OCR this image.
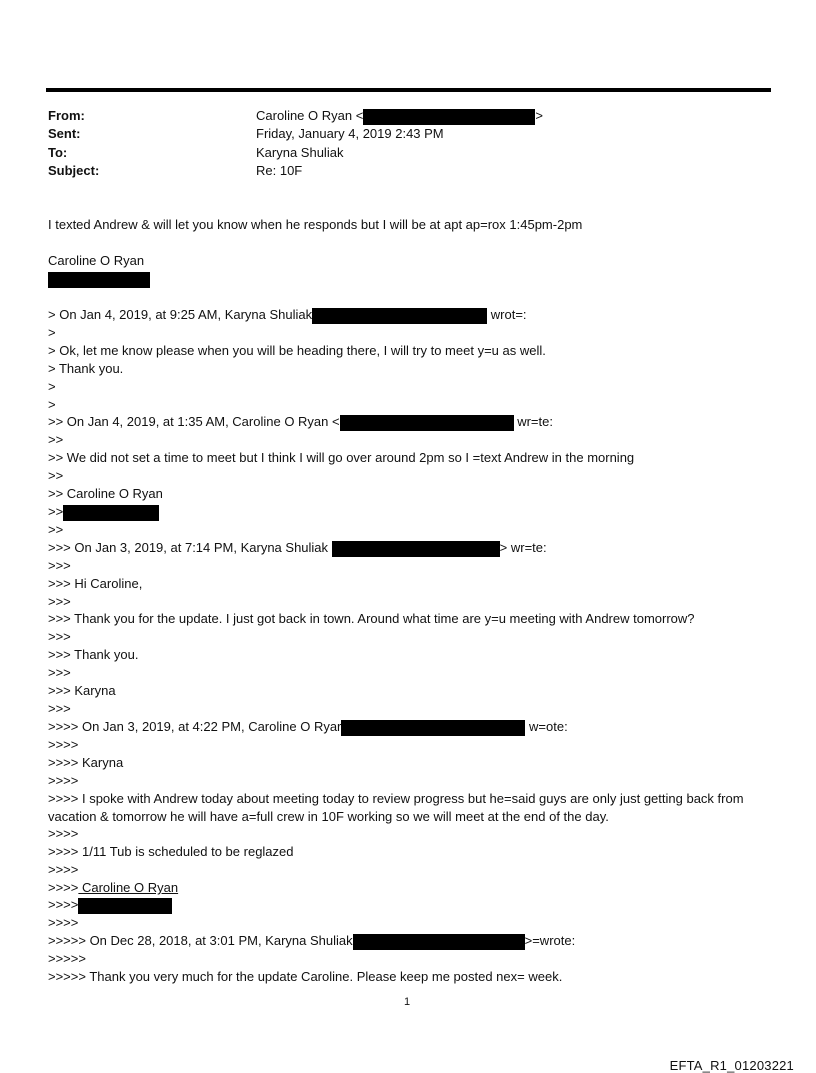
From:	Caroline O Ryan <	>
Sent:	Friday, January 4, 2019 2:43 PM
To:	Karyna Shuliak
Subject:	Re: 10F
I texted Andrew & will let you know when he responds but I will be at apt ap=rox 1:45pm-2pm
Caroline O Ryan
> On Jan 4, 2019, at 9:25 AM, Karyna Shuliak	wrot=:
>
> Ok, let me know please when you will be heading there, I will try to meet y=u as well.
> Thank you.
>
>
>> On Jan 4, 2019, at 1:35 AM, Caroline O Ryan <	wr=te:
>>
>> We did not set a time to meet but I think I will go over around 2pm so I =text Andrew in the morning
>>
>> Caroline O Ryan
>>
>>
>>> On Jan 3, 2019, at 7:14 PM, Karyna Shuliak	> wr=te:
>>>
>>> Hi Caroline,
>>>
>>> Thank you for the update. I just got back in town. Around what time are y=u meeting with Andrew tomorrow?
>>>
>>> Thank you.
>>>
>>> Karyna
>>>
>>>> On Jan 3, 2019, at 4:22 PM, Caroline O Ryar	w=ote:
>>>>
>>>> Karyna
>>>>
>>>> I spoke with Andrew today about meeting today to review progress but he=said guys are only just getting back from vacation & tomorrow he will have a=full crew in 10F working so we will meet at the end of the day.
>>>>
>>>> 1/11 Tub is scheduled to be reglazed
>>>>
>>>> Caroline O Ryan
>>>>
>>>>
>>>>> On Dec 28, 2018, at 3:01 PM, Karyna Shuliak	>=wrote:
>>>>>
>>>>> Thank you very much for the update Caroline. Please keep me posted nex= week.
1
EFTA_R1_01203221
